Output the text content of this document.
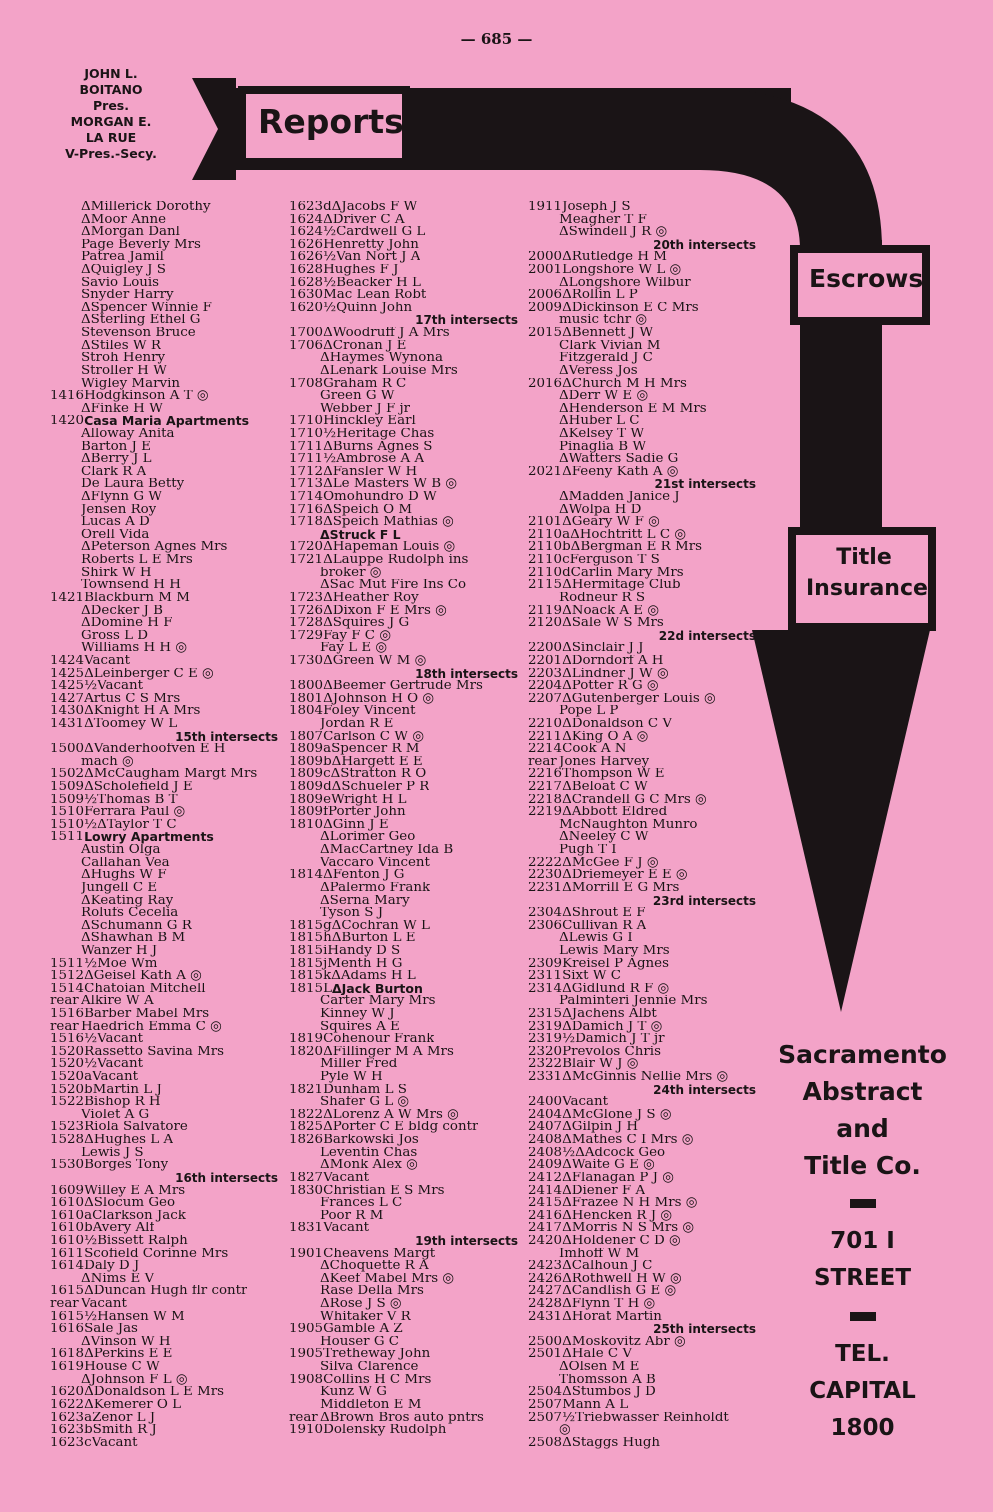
— 685 —
JOHN L.
BOITANO
Pres.
MORGAN E.
LA RUE
V-Pres.-Secy.
Reports
Escrows
Title
Insurance
Sacramento
Abstract
and
Title Co.
701 I
STREET
TEL.
CAPITAL
1800
ΔMillerick Dorothy
ΔMoor Anne
ΔMorgan Danl
Page Beverly Mrs
Patrea Jamil
ΔQuigley J S
Savio Louis
Snyder Harry
ΔSpencer Winnie F
ΔSterling Ethel G
Stevenson Bruce
ΔStiles W R
Stroh Henry
Stroller H W
Wigley Marvin
1416 Hodgkinson A T ◎
ΔFinke H W
1420 Casa Maria Apartments
Alloway Anita
Barton J E
ΔBerry J L
Clark R A
De Laura Betty
ΔFlynn G W
Jensen Roy
Lucas A D
Orell Vida
ΔPeterson Agnes Mrs
Roberts L E Mrs
Shirk W H
Townsend H H
1421 Blackburn M M
ΔDecker J B
ΔDomine H F
Gross L D
Williams H H ◎
1424 Vacant
1425 ΔLeinberger C E ◎
1425½ Vacant
1427 Artus C S Mrs
1430 ΔKnight H A Mrs
1431 ΔToomey W L
15th intersects
1500 ΔVanderhoofven E H
mach ◎
1502 ΔMcCaugham Margt Mrs
1509 ΔScholefield J E
1509½ Thomas B T
1510 Ferrara Paul ◎
1510½ ΔTaylor T C
1511 Lowry Apartments
Austin Olga
Callahan Vea
ΔHughs W F
Jungell C E
ΔKeating Ray
Rolufs Cecelia
ΔSchumann G R
ΔShawhan B M
Wanzer H J
1511½ Moe Wm
1512 ΔGeisel Kath A ◎
1514 Chatoian Mitchell
rear Alkire W A
1516 Barber Mabel Mrs
rear Haedrich Emma C ◎
1516½ Vacant
1520 Rassetto Savina Mrs
1520½ Vacant
1520a Vacant
1520b Martin L J
1522 Bishop R H
Violet A G
1523 Riola Salvatore
1528 ΔHughes L A
Lewis J S
1530 Borges Tony
16th intersects
1609 Willey E A Mrs
1610 ΔSlocum Geo
1610a Clarkson Jack
1610b Avery Alf
1610½ Bissett Ralph
1611 Scofield Corinne Mrs
1614 Daly D J
ΔNims E V
1615 ΔDuncan Hugh flr contr
rear Vacant
1615½ Hansen W M
1616 Sale Jas
ΔVinson W H
1618 ΔPerkins E E
1619 House C W
ΔJohnson F L ◎
1620 ΔDonaldson L E Mrs
1622 ΔKemerer O L
1623a Zenor L J
1623b Smith R J
1623c Vacant
1623d ΔJacobs F W
1624 ΔDriver C A
1624½ Cardwell G L
1626 Henretty John
1626½ Van Nort J A
1628 Hughes F J
1628½ Beacker H L
1630 Mac Lean Robt
1620½ Quinn John
17th intersects
1700 ΔWoodruff J A Mrs
1706 ΔCronan J E
ΔHaymes Wynona
ΔLenark Louise Mrs
1708 Graham R C
Green G W
Webber J F jr
1710 Hinckley Earl
1710½ Heritage Chas
1711 ΔBurns Agnes S
1711½ Ambrose A A
1712 ΔFansler W H
1713 ΔLe Masters W B ◎
1714 Omohundro D W
1716 ΔSpeich O M
1718 ΔSpeich Mathias ◎
ΔStruck F L
1720 ΔHapeman Louis ◎
1721 ΔLauppe Rudolph ins
broker ◎
ΔSac Mut Fire Ins Co
1723 ΔHeather Roy
1726 ΔDixon F E Mrs ◎
1728 ΔSquires J G
1729 Fay F C ◎
Fay L E ◎
1730 ΔGreen W M ◎
18th intersects
1800 ΔBeemer Gertrude Mrs
1801 ΔJohnson H O ◎
1804 Foley Vincent
Jordan R E
1807 Carlson C W ◎
1809a Spencer R M
1809b ΔHargett E E
1809c ΔStratton R O
1809d ΔSchueler P R
1809e Wright H L
1809f Porter John
1810 ΔGinn J E
ΔLorimer Geo
ΔMacCartney Ida B
Vaccaro Vincent
1814 ΔFenton J G
ΔPalermo Frank
ΔSerna Mary
Tyson S J
1815g ΔCochran W L
1815h ΔBurton L E
1815i Handy D S
1815j Menth H G
1815k ΔAdams H L
1815L ΔJack Burton
Carter Mary Mrs
Kinney W J
Squires A E
1819 Cohenour Frank
1820 ΔFillinger M A Mrs
Miller Fred
Pyle W H
1821 Dunham L S
Shafer G L ◎
1822 ΔLorenz A W Mrs ◎
1825 ΔPorter C E bldg contr
1826 Barkowski Jos
Leventin Chas
ΔMonk Alex ◎
1827 Vacant
1830 Christian E S Mrs
Frances L C
Poor R M
1831 Vacant
19th intersects
1901 Cheavens Margt
ΔChoquette R A
ΔKeef Mabel Mrs ◎
Rase Della Mrs
ΔRose J S ◎
Whitaker V R
1905 Gamble A Z
Houser G C
1905 Tretheway John
Silva Clarence
1908 Collins H C Mrs
Kunz W G
Middleton E M
rear ΔBrown Bros auto pntrs
1910 Dolensky Rudolph
1911 Joseph J S
Meagher T F
ΔSwindell J R ◎
20th intersects
2000 ΔRutledge H M
2001 Longshore W L ◎
ΔLongshore Wilbur
2006 ΔRollin L P
2009 ΔDickinson E C Mrs
music tchr ◎
2015 ΔBennett J W
Clark Vivian M
Fitzgerald J C
ΔVeress Jos
2016 ΔChurch M H Mrs
ΔDerr W E ◎
ΔHenderson E M Mrs
ΔHuber L C
ΔKelsey T W
Pinaglia B W
ΔWatters Sadie G
2021 ΔFeeny Kath A ◎
21st intersects
ΔMadden Janice J
ΔWolpa H D
2101 ΔGeary W F ◎
2110a ΔHochtritt L C ◎
2110b ΔBergman E R Mrs
2110c Ferguson T S
2110d Carlin Mary Mrs
2115 ΔHermitage Club
Rodneur R S
2119 ΔNoack A E ◎
2120 ΔSale W S Mrs
22d intersects
2200 ΔSinclair J J
2201 ΔDorndorf A H
2203 ΔLindner J W ◎
2204 ΔPotter R G ◎
2207 ΔGutenberger Louis ◎
Pope L P
2210 ΔDonaldson C V
2211 ΔKing O A ◎
2214 Cook A N
rear Jones Harvey
2216 Thompson W E
2217 ΔBeloat C W
2218 ΔCrandell G C Mrs ◎
2219 ΔAbbott Eldred
McNaughton Munro
ΔNeeley C W
Pugh T I
2222 ΔMcGee F J ◎
2230 ΔDriemeyer E E ◎
2231 ΔMorrill E G Mrs
23rd intersects
2304 ΔShrout E F
2306 Cullivan R A
ΔLewis G I
Lewis Mary Mrs
2309 Kreisel P Agnes
2311 Sixt W C
2314 ΔGidlund R F ◎
Palminteri Jennie Mrs
2315 ΔJachens Albt
2319 ΔDamich J T ◎
2319½ Damich J T jr
2320 Prevolos Chris
2322 Blair W J ◎
2331 ΔMcGinnis Nellie Mrs ◎
24th intersects
2400 Vacant
2404 ΔMcGlone J S ◎
2407 ΔGilpin J H
2408 ΔMathes C I Mrs ◎
2408½ ΔAdcock Geo
2409 ΔWaite G E ◎
2412 ΔFlanagan P J ◎
2414 ΔDiener F A
2415 ΔFrazee N H Mrs ◎
2416 ΔHencken R J ◎
2417 ΔMorris N S Mrs ◎
2420 ΔHoldener C D ◎
Imhoff W M
2423 ΔCalhoun J C
2426 ΔRothwell H W ◎
2427 ΔCandlish G E ◎
2428 ΔFlynn T H ◎
2431 ΔHorat Martin
25th intersects
2500 ΔMoskovitz Abr ◎
2501 ΔHale C V
ΔOlsen M E
Thomsson A B
2504 ΔStumbos J D
2507 Mann A L
2507½ Triebwasser Reinholdt
◎
2508 ΔStaggs Hugh
